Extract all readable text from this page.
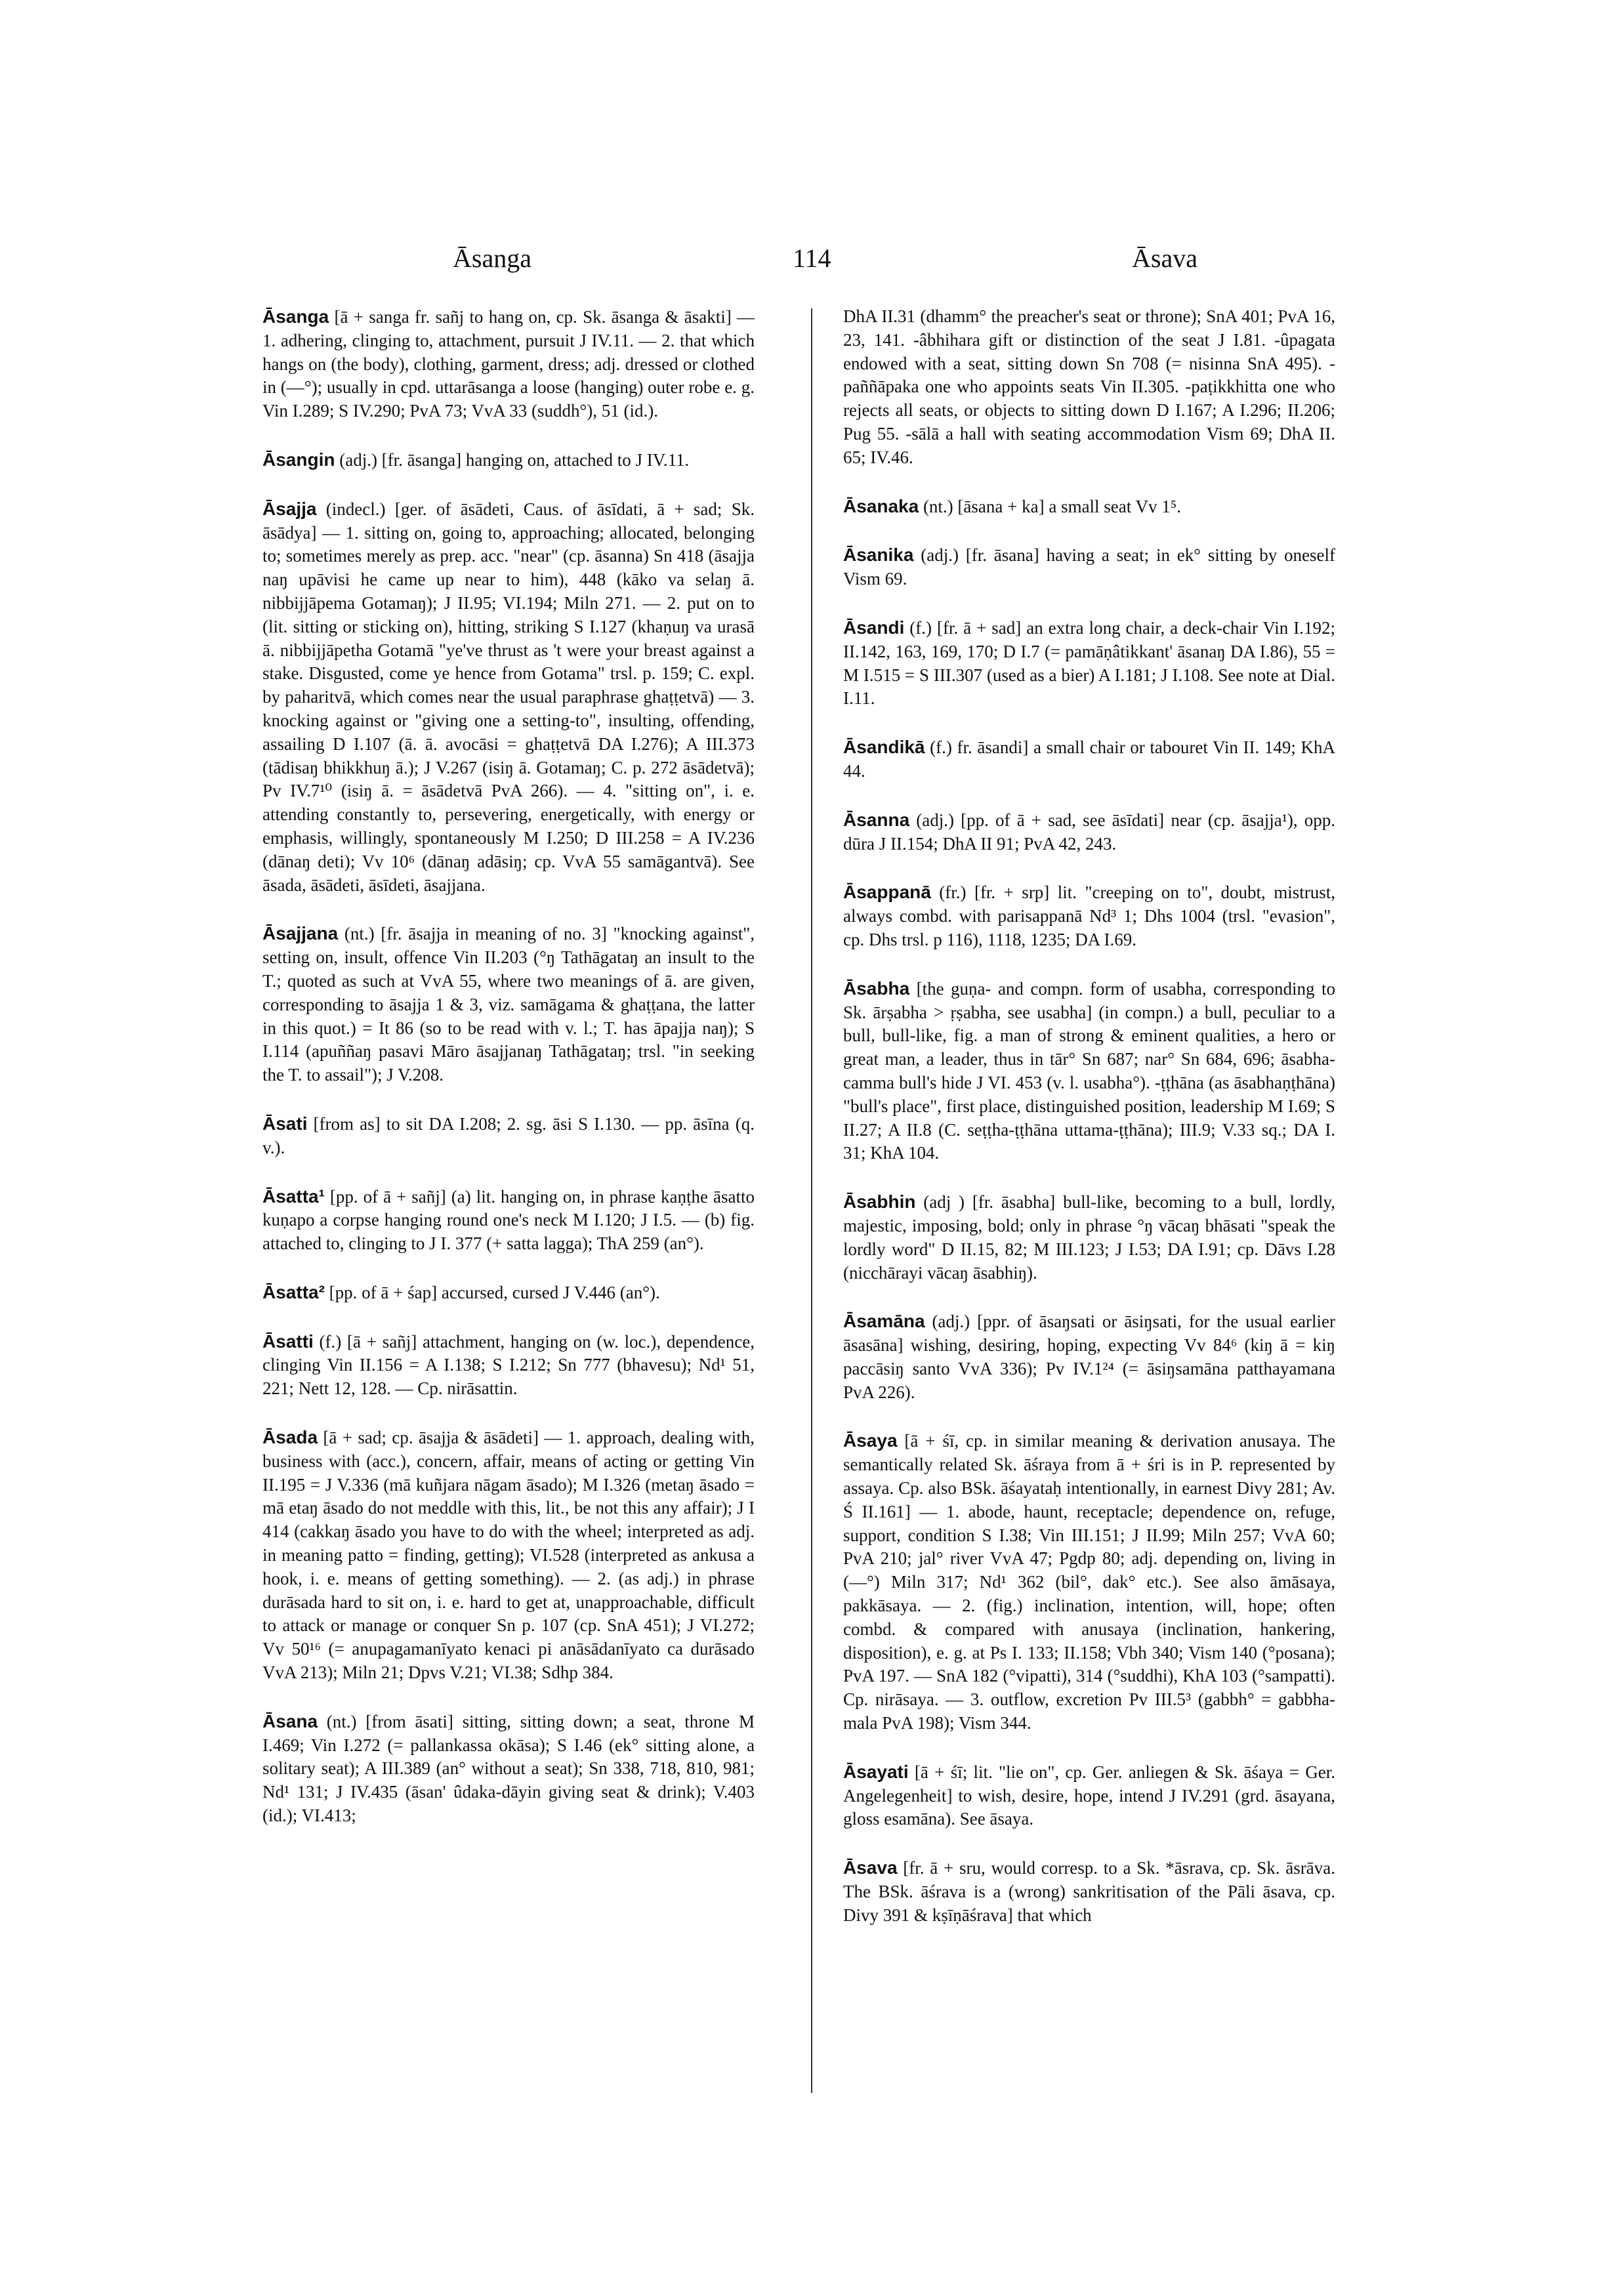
Āsanga	114	Āsava

Āsanga [ā + sanga fr. sañj to hang on, cp. Sk. āsanga & āsakti] — 1. adhering, clinging to, attachment, pursuit J IV.11. — 2. that which hangs on (the body), clothing, garment, dress; adj. dressed or clothed in (—°); usually in cpd. uttarāsanga a loose (hanging) outer robe e. g. Vin I.289; S IV.290; PvA 73; VvA 33 (suddh°), 51 (id.).

Āsangin (adj.) [fr. āsanga] hanging on, attached to J IV.11.

Āsajja (indecl.) [ger. of āsādeti, Caus. of āsīdati, ā + sad; Sk. āsādya] — 1. sitting on, going to, approaching; allocated, belonging to; sometimes merely as prep. acc. "near" (cp. āsanna) Sn 418 (āsajja naŋ upāvisi he came up near to him), 448 (kāko va selaŋ ā. nibbijjāpema Gotamaŋ); J II.95; VI.194; Miln 271. — 2. put on to (lit. sitting or sticking on), hitting, striking S I.127 (khaṇuŋ va urasā ā. nibbijjāpetha Gotamā "ye've thrust as 't were your breast against a stake. Disgusted, come ye hence from Gotama" trsl. p. 159; C. expl. by paharitvā, which comes near the usual paraphrase ghaṭṭetvā) — 3. knocking against or "giving one a setting-to", insulting, offending, assailing D I.107 (ā. ā. avocāsi = ghaṭṭetvā DA I.276); A III.373 (tādisaŋ bhikkhuŋ ā.); J V.267 (isiŋ ā. Gotamaŋ; C. p. 272 āsādetvā); Pv IV.7¹⁰ (isiŋ ā. = āsādetvā PvA 266). — 4. "sitting on", i. e. attending constantly to, persevering, energetically, with energy or emphasis, willingly, spontaneously M I.250; D III.258 = A IV.236 (dānaŋ deti); Vv 10⁶ (dānaŋ adāsiŋ; cp. VvA 55 samāgantvā). See āsada, āsādeti, āsīdeti, āsajjana.

Āsajjana (nt.) [fr. āsajja in meaning of no. 3] "knocking against", setting on, insult, offence Vin II.203 (°ŋ Tathāgataŋ an insult to the T.; quoted as such at VvA 55, where two meanings of ā. are given, corresponding to āsajja 1 & 3, viz. samāgama & ghaṭṭana, the latter in this quot.) = It 86 (so to be read with v. l.; T. has āpajja naŋ); S I.114 (apuññaŋ pasavi Māro āsajjanaŋ Tathāgataŋ; trsl. "in seeking the T. to assail"); J V.208.

Āsati [from as] to sit DA I.208; 2. sg. āsi S I.130. — pp. āsīna (q. v.).

Āsatta¹ [pp. of ā + sañj] (a) lit. hanging on, in phrase kaṇṭhe āsatto kuṇapo a corpse hanging round one's neck M I.120; J I.5. — (b) fig. attached to, clinging to J I. 377 (+ satta lagga); ThA 259 (an°).

Āsatta² [pp. of ā + śap] accursed, cursed J V.446 (an°).

Āsatti (f.) [ā + sañj] attachment, hanging on (w. loc.), dependence, clinging Vin II.156 = A I.138; S I.212; Sn 777 (bhavesu); Nd¹ 51, 221; Nett 12, 128. — Cp. nirāsattin.

Āsada [ā + sad; cp. āsajja & āsādeti] — 1. approach, dealing with, business with (acc.), concern, affair, means of acting or getting Vin II.195 = J V.336 (mā kuñjara nāgam āsado); M I.326 (metaŋ āsado = mā etaŋ āsado do not meddle with this, lit., be not this any affair); J I 414 (cakkaŋ āsado you have to do with the wheel; interpreted as adj. in meaning patto = finding, getting); VI.528 (interpreted as ankusa a hook, i. e. means of getting something). — 2. (as adj.) in phrase durāsada hard to sit on, i. e. hard to get at, unapproachable, difficult to attack or manage or conquer Sn p. 107 (cp. SnA 451); J VI.272; Vv 50¹⁶ (= anupagamanīyato kenaci pi anāsādanīyato ca durāsado VvA 213); Miln 21; Dpvs V.21; VI.38; Sdhp 384.

Āsana (nt.) [from āsati] sitting, sitting down; a seat, throne M I.469; Vin I.272 (= pallankassa okāsa); S I.46 (ek° sitting alone, a solitary seat); A III.389 (an° without a seat); Sn 338, 718, 810, 981; Nd¹ 131; J IV.435 (āsan' ûdaka-dāyin giving seat & drink); V.403 (id.); VI.413;

DhA II.31 (dhamm° the preacher's seat or throne); SnA 401; PvA 16, 23, 141. -âbhihara gift or distinction of the seat J I.81. -ûpagata endowed with a seat, sitting down Sn 708 (= nisinna SnA 495). -paññāpaka one who appoints seats Vin II.305. -paṭikkhitta one who rejects all seats, or objects to sitting down D I.167; A I.296; II.206; Pug 55. -sālā a hall with seating accommodation Vism 69; DhA II. 65; IV.46.

Āsanaka (nt.) [āsana + ka] a small seat Vv 1⁵.

Āsanika (adj.) [fr. āsana] having a seat; in ek° sitting by oneself Vism 69.

Āsandi (f.) [fr. ā + sad] an extra long chair, a deck-chair Vin I.192; II.142, 163, 169, 170; D I.7 (= pamāṇâtikkant' āsanaŋ DA I.86), 55 = M I.515 = S III.307 (used as a bier) A I.181; J I.108. See note at Dial. I.11.

Āsandikā (f.) fr. āsandi] a small chair or tabouret Vin II. 149; KhA 44.

Āsanna (adj.) [pp. of ā + sad, see āsīdati] near (cp. āsajja¹), opp. dūra J II.154; DhA II 91; PvA 42, 243.

Āsappanā (fr.) [fr. + srp] lit. "creeping on to", doubt, mistrust, always combd. with parisappanā Nd³ 1; Dhs 1004 (trsl. "evasion", cp. Dhs trsl. p 116), 1118, 1235; DA I.69.

Āsabha [the guṇa- and compn. form of usabha, corresponding to Sk. ārṣabha > ṛṣabha, see usabha] (in compn.) a bull, peculiar to a bull, bull-like, fig. a man of strong & eminent qualities, a hero or great man, a leader, thus in tār° Sn 687; nar° Sn 684, 696; āsabha-camma bull's hide J VI. 453 (v. l. usabha°). -ṭṭhāna (as āsabhaṇṭhāna) "bull's place", first place, distinguished position, leadership M I.69; S II.27; A II.8 (C. seṭṭha-ṭṭhāna uttama-ṭṭhāna); III.9; V.33 sq.; DA I. 31; KhA 104.

Āsabhin (adj ) [fr. āsabha] bull-like, becoming to a bull, lordly, majestic, imposing, bold; only in phrase °ŋ vācaŋ bhāsati "speak the lordly word" D II.15, 82; M III.123; J I.53; DA I.91; cp. Dāvs I.28 (nicchārayi vācaŋ āsabhiŋ).

Āsamāna (adj.) [ppr. of āsaŋsati or āsiŋsati, for the usual earlier āsasāna] wishing, desiring, hoping, expecting Vv 84⁶ (kiŋ ā = kiŋ paccāsiŋ santo VvA 336); Pv IV.1²⁴ (= āsiŋsamāna patthayamana PvA 226).

Āsaya [ā + śī, cp. in similar meaning & derivation anusaya. The semantically related Sk. āśraya from ā + śri is in P. represented by assaya. Cp. also BSk. āśayataḥ intentionally, in earnest Divy 281; Av. Ś II.161] — 1. abode, haunt, receptacle; dependence on, refuge, support, condition S I.38; Vin III.151; J II.99; Miln 257; VvA 60; PvA 210; jal° river VvA 47; Pgdp 80; adj. depending on, living in (—°) Miln 317; Nd¹ 362 (bil°, dak° etc.). See also āmāsaya, pakkāsaya. — 2. (fig.) inclination, intention, will, hope; often combd. & compared with anusaya (inclination, hankering, disposition), e. g. at Ps I. 133; II.158; Vbh 340; Vism 140 (°posana); PvA 197. — SnA 182 (°vipatti), 314 (°suddhi), KhA 103 (°sampatti). Cp. nirāsaya. — 3. outflow, excretion Pv III.5³ (gabbh° = gabbha-mala PvA 198); Vism 344.

Āsayati [ā + śī; lit. "lie on", cp. Ger. anliegen & Sk. āśaya = Ger. Angelegenheit] to wish, desire, hope, intend J IV.291 (grd. āsayana, gloss esamāna). See āsaya.

Āsava [fr. ā + sru, would corresp. to a Sk. *āsrava, cp. Sk. āsrāva. The BSk. āśrava is a (wrong) sankritisation of the Pāli āsava, cp. Divy 391 & kṣīṇāśrava] that which
